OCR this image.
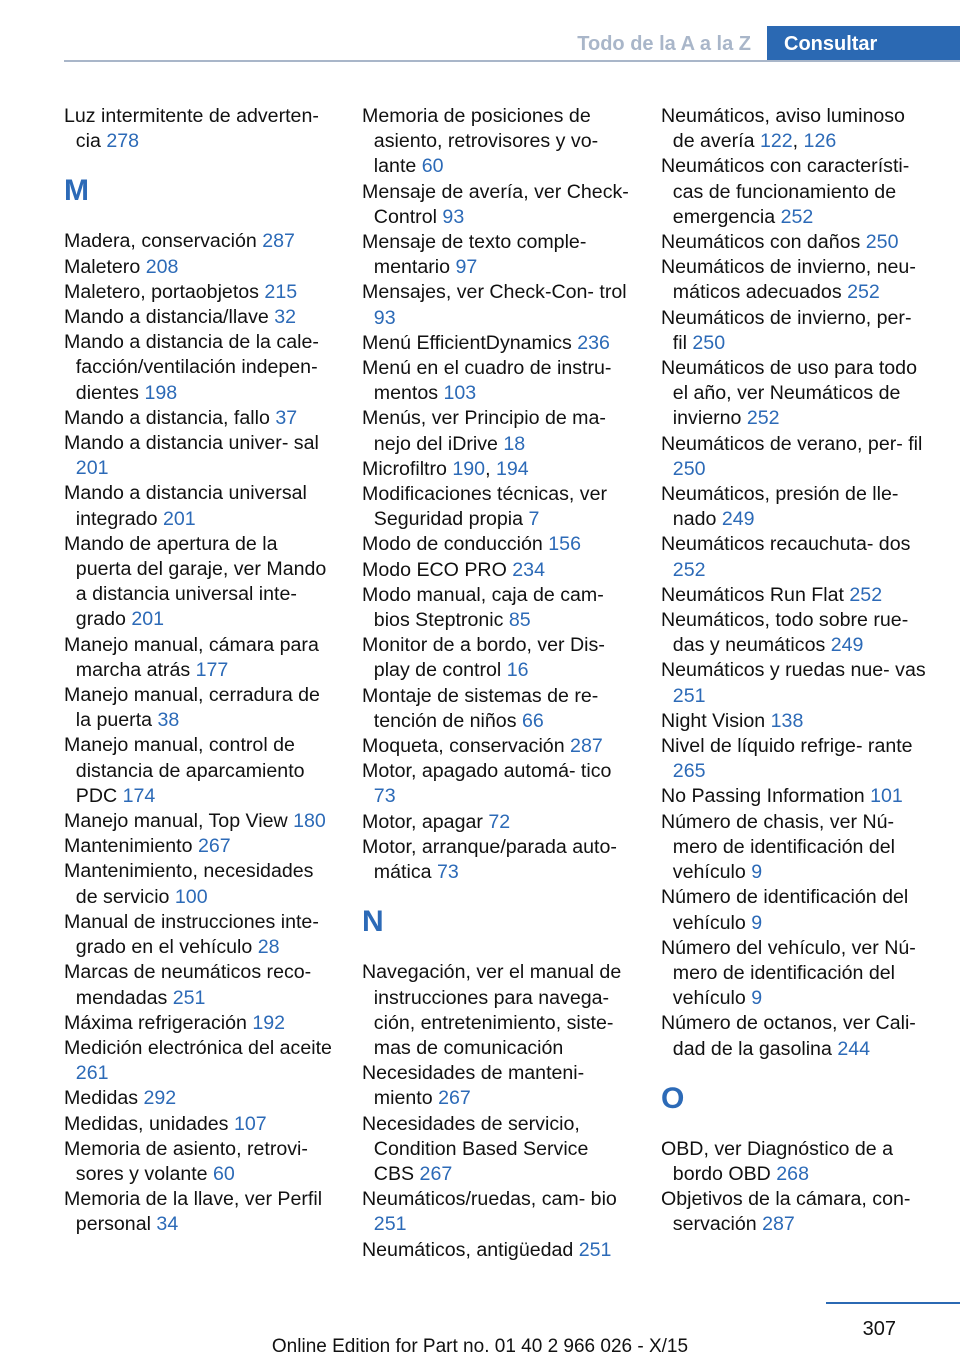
Todo de la A a la Z	Consultar
Luz intermitente de adverten- cia 278
M
Madera, conservación 287
Maletero 208
Maletero, portaobjetos 215
Mando a distancia/llave 32
Mando a distancia de la cale- facción/ventilación indepen- dientes 198
Mando a distancia, fallo 37
Mando a distancia univer- sal 201
Mando a distancia universal integrado 201
Mando de apertura de la puerta del garaje, ver Mando a distancia universal inte- grado 201
Manejo manual, cámara para marcha atrás 177
Manejo manual, cerradura de la puerta 38
Manejo manual, control de distancia de aparcamiento PDC 174
Manejo manual, Top View 180
Mantenimiento 267
Mantenimiento, necesidades de servicio 100
Manual de instrucciones inte- grado en el vehículo 28
Marcas de neumáticos reco- mendadas 251
Máxima refrigeración 192
Medición electrónica del aceite 261
Medidas 292
Medidas, unidades 107
Memoria de asiento, retrovi- sores y volante 60
Memoria de la llave, ver Perfil personal 34
Memoria de posiciones de asiento, retrovisores y vo- lante 60
Mensaje de avería, ver Check-Control 93
Mensaje de texto comple- mentario 97
Mensajes, ver Check-Con- trol 93
Menú EfficientDynamics 236
Menú en el cuadro de instru- mentos 103
Menús, ver Principio de ma- nejo del iDrive 18
Microfiltro 190, 194
Modificaciones técnicas, ver Seguridad propia 7
Modo de conducción 156
Modo ECO PRO 234
Modo manual, caja de cam- bios Steptronic 85
Monitor de a bordo, ver Dis- play de control 16
Montaje de sistemas de re- tención de niños 66
Moqueta, conservación 287
Motor, apagado automá- tico 73
Motor, apagar 72
Motor, arranque/parada auto- mática 73
N
Navegación, ver el manual de instrucciones para navega- ción, entretenimiento, siste- mas de comunicación
Necesidades de manteni- miento 267
Necesidades de servicio, Condition Based Service CBS 267
Neumáticos/ruedas, cam- bio 251
Neumáticos, antigüedad 251
Neumáticos, aviso luminoso de avería 122, 126
Neumáticos con característi- cas de funcionamiento de emergencia 252
Neumáticos con daños 250
Neumáticos de invierno, neu- máticos adecuados 252
Neumáticos de invierno, per- fil 250
Neumáticos de uso para todo el año, ver Neumáticos de invierno 252
Neumáticos de verano, per- fil 250
Neumáticos, presión de lle- nado 249
Neumáticos recauchuta- dos 252
Neumáticos Run Flat 252
Neumáticos, todo sobre rue- das y neumáticos 249
Neumáticos y ruedas nue- vas 251
Night Vision 138
Nivel de líquido refrige- rante 265
No Passing Information 101
Número de chasis, ver Nú- mero de identificación del vehículo 9
Número de identificación del vehículo 9
Número del vehículo, ver Nú- mero de identificación del vehículo 9
Número de octanos, ver Cali- dad de la gasolina 244
O
OBD, ver Diagnóstico de a bordo OBD 268
Objetivos de la cámara, con- servación 287
307
Online Edition for Part no. 01 40 2 966 026 - X/15
